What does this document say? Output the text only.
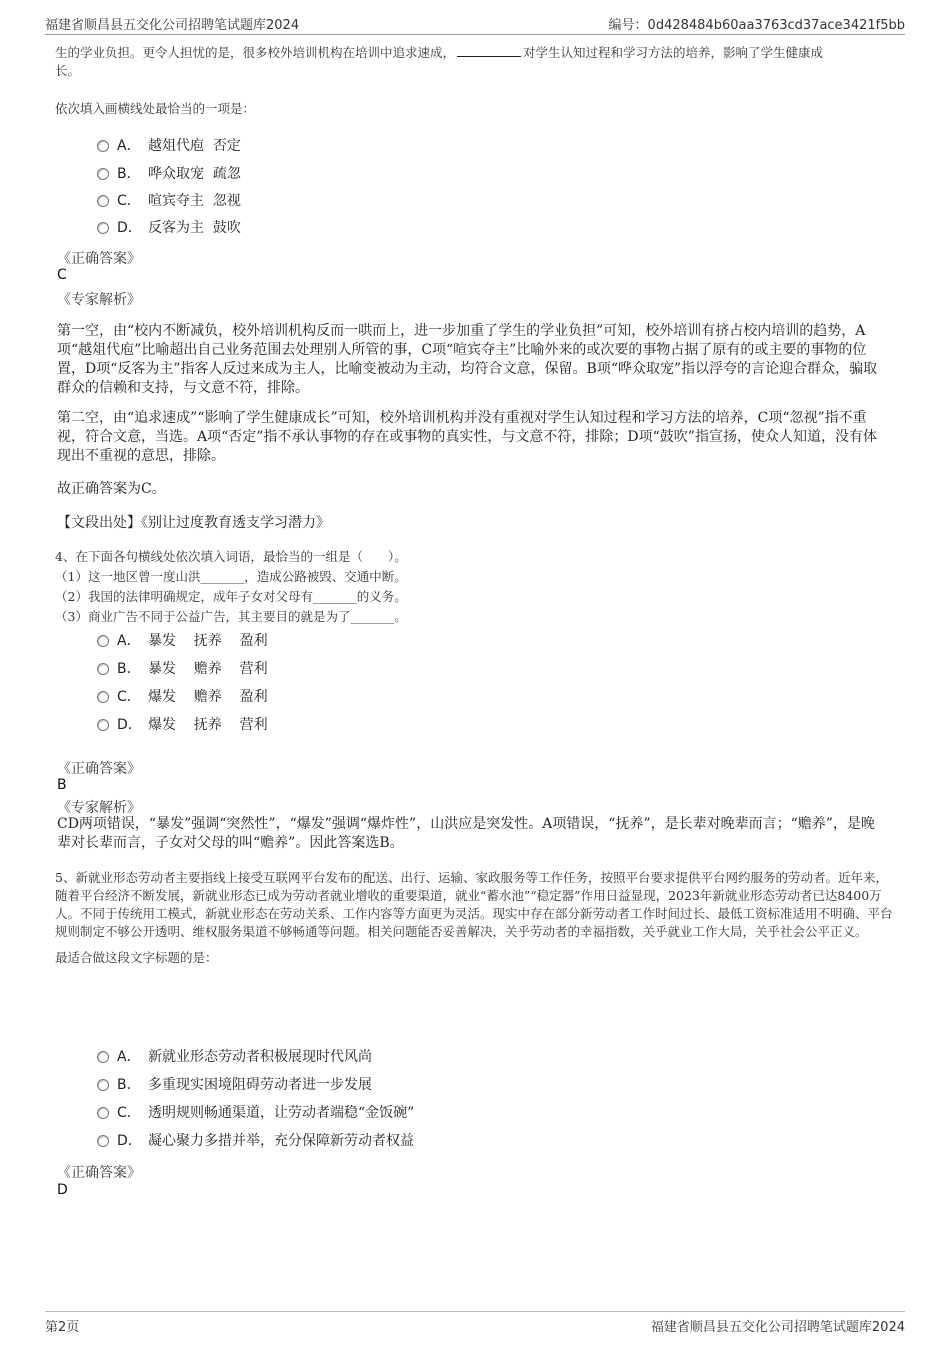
福建省顺昌县五交化公司招聘笔试题库2024	编号：0d428484b60aa3763cd37ace3421f5bb

生的学业负担。更令人担忧的是，很多校外培训机构在培训中追求速成，	对学生认知过程和学习方法的培养，影响了学生健康成

长。

依次填入画横线处最恰当的一项是：
A． 越俎代庖  否定
B． 哗众取宠  疏忽
C． 喧宾夺主  忽视
D． 反客为主  鼓吹
《正确答案》
C
《专家解析》
第一空，由“校内不断减负，校外培训机构反而一哄而上，进一步加重了学生的学业负担”可知，校外培训有挤占校内培训的趋势，A项“越俎代庖”比喻超出自己业务范围去处理别人所管的事，C项“喧宾夺主”比喻外来的或次要的事物占据了原有的或主要的事物的位置，D项“反客为主”指客人反过来成为主人，比喻变被动为主动，均符合文意，保留。B项“哗众取宠”指以浮夸的言论迎合群众，骗取群众的信赖和支持，与文意不符，排除。
第二空，由“追求速成”“影响了学生健康成长”可知，校外培训机构并没有重视对学生认知过程和学习方法的培养，C项“忽视”指不重视，符合文意，当选。A项“否定”指不承认事物的存在或事物的真实性，与文意不符，排除；D项“鼓吹”指宣扬，使众人知道，没有体现出不重视的意思，排除。
故正确答案为C。
【文段出处】《别让过度教育透支学习潜力》
4、在下面各句横线处依次填入词语，最恰当的一组是（　　）。
（1）这一地区曾一度山洪_______，造成公路被毁、交通中断。
（2）我国的法律明确规定，成年子女对父母有_______的义务。
（3）商业广告不同于公益广告，其主要目的就是为了_______。
A． 暴发    抚养    盈利
B． 暴发    赡养    营利
C． 爆发    赡养    盈利
D． 爆发    抚养    营利
《正确答案》
B
《专家解析》
CD两项错误，“暴发”强调“突然性”，“爆发”强调“爆炸性”，山洪应是突发性。A项错误，“抚养”，是长辈对晚辈而言；“赡养”，是晚辈对长辈而言，子女对父母的叫“赡养”。因此答案选B。
5、新就业形态劳动者主要指线上接受互联网平台发布的配送、出行、运输、家政服务等工作任务，按照平台要求提供平台网约服务的劳动者。近年来，随着平台经济不断发展，新就业形态已成为劳动者就业增收的重要渠道，就业“蓄水池”“稳定器”作用日益显现，2023年新就业形态劳动者已达8400万人。不同于传统用工模式，新就业形态在劳动关系、工作内容等方面更为灵活。现实中存在部分新劳动者工作时间过长、最低工资标准适用不明确、平台规则制定不够公开透明、维权服务渠道不够畅通等问题。相关问题能否妥善解决，关乎劳动者的幸福指数，关乎就业工作大局，关乎社会公平正义。
最适合做这段文字标题的是：
A． 新就业形态劳动者积极展现时代风尚
B． 多重现实困境阻碍劳动者进一步发展
C． 透明规则畅通渠道，让劳动者端稳“金饭碗”
D． 凝心聚力多措并举，充分保障新劳动者权益
《正确答案》
D
第2页	福建省顺昌县五交化公司招聘笔试题库2024
